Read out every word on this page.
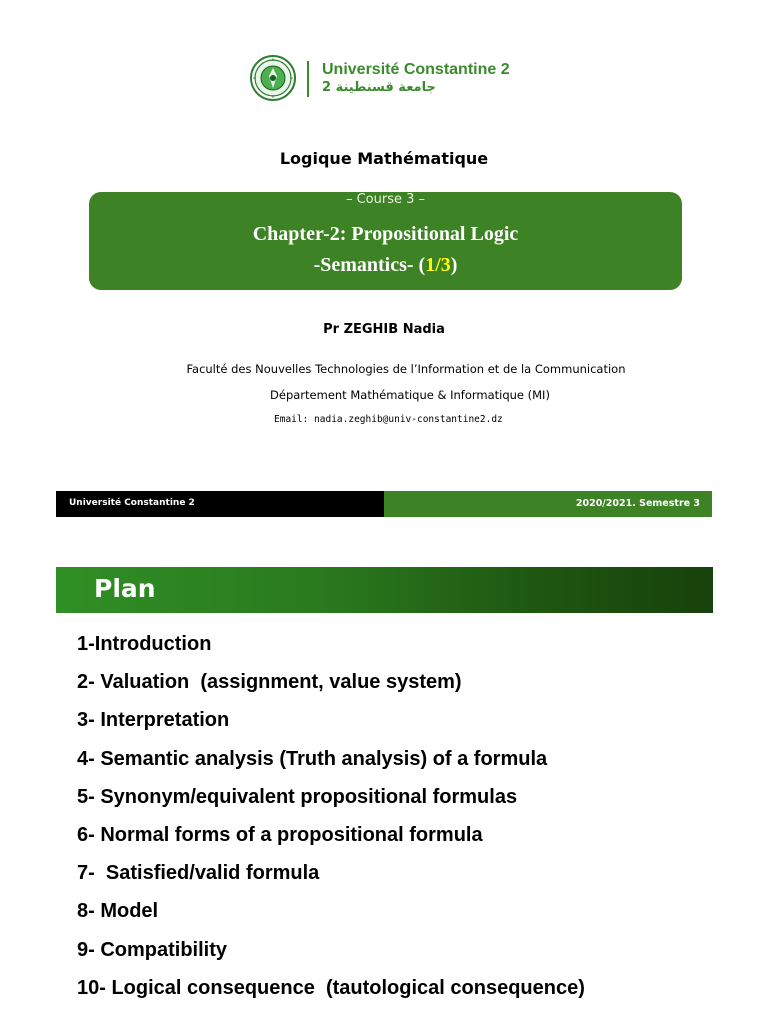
Université Constantine 2
جامعة قسنطينة 2
Logique Mathématique
– Course 3 –
Chapter-2: Propositional Logic
-Semantics- (1/3)
Pr ZEGHIB Nadia
Faculté des Nouvelles Technologies de l’Information et de la Communication
Département Mathématique & Informatique (MI)
Email: nadia.zeghib@univ-constantine2.dz
Université Constantine 2	2020/2021. Semestre 3
Plan
1-Introduction
2- Valuation  (assignment, value system)
3- Interpretation
4- Semantic analysis (Truth analysis) of a formula
5- Synonym/equivalent propositional formulas
6- Normal forms of a propositional formula
7-  Satisfied/valid formula
8- Model
9- Compatibility
10- Logical consequence  (tautological consequence)
